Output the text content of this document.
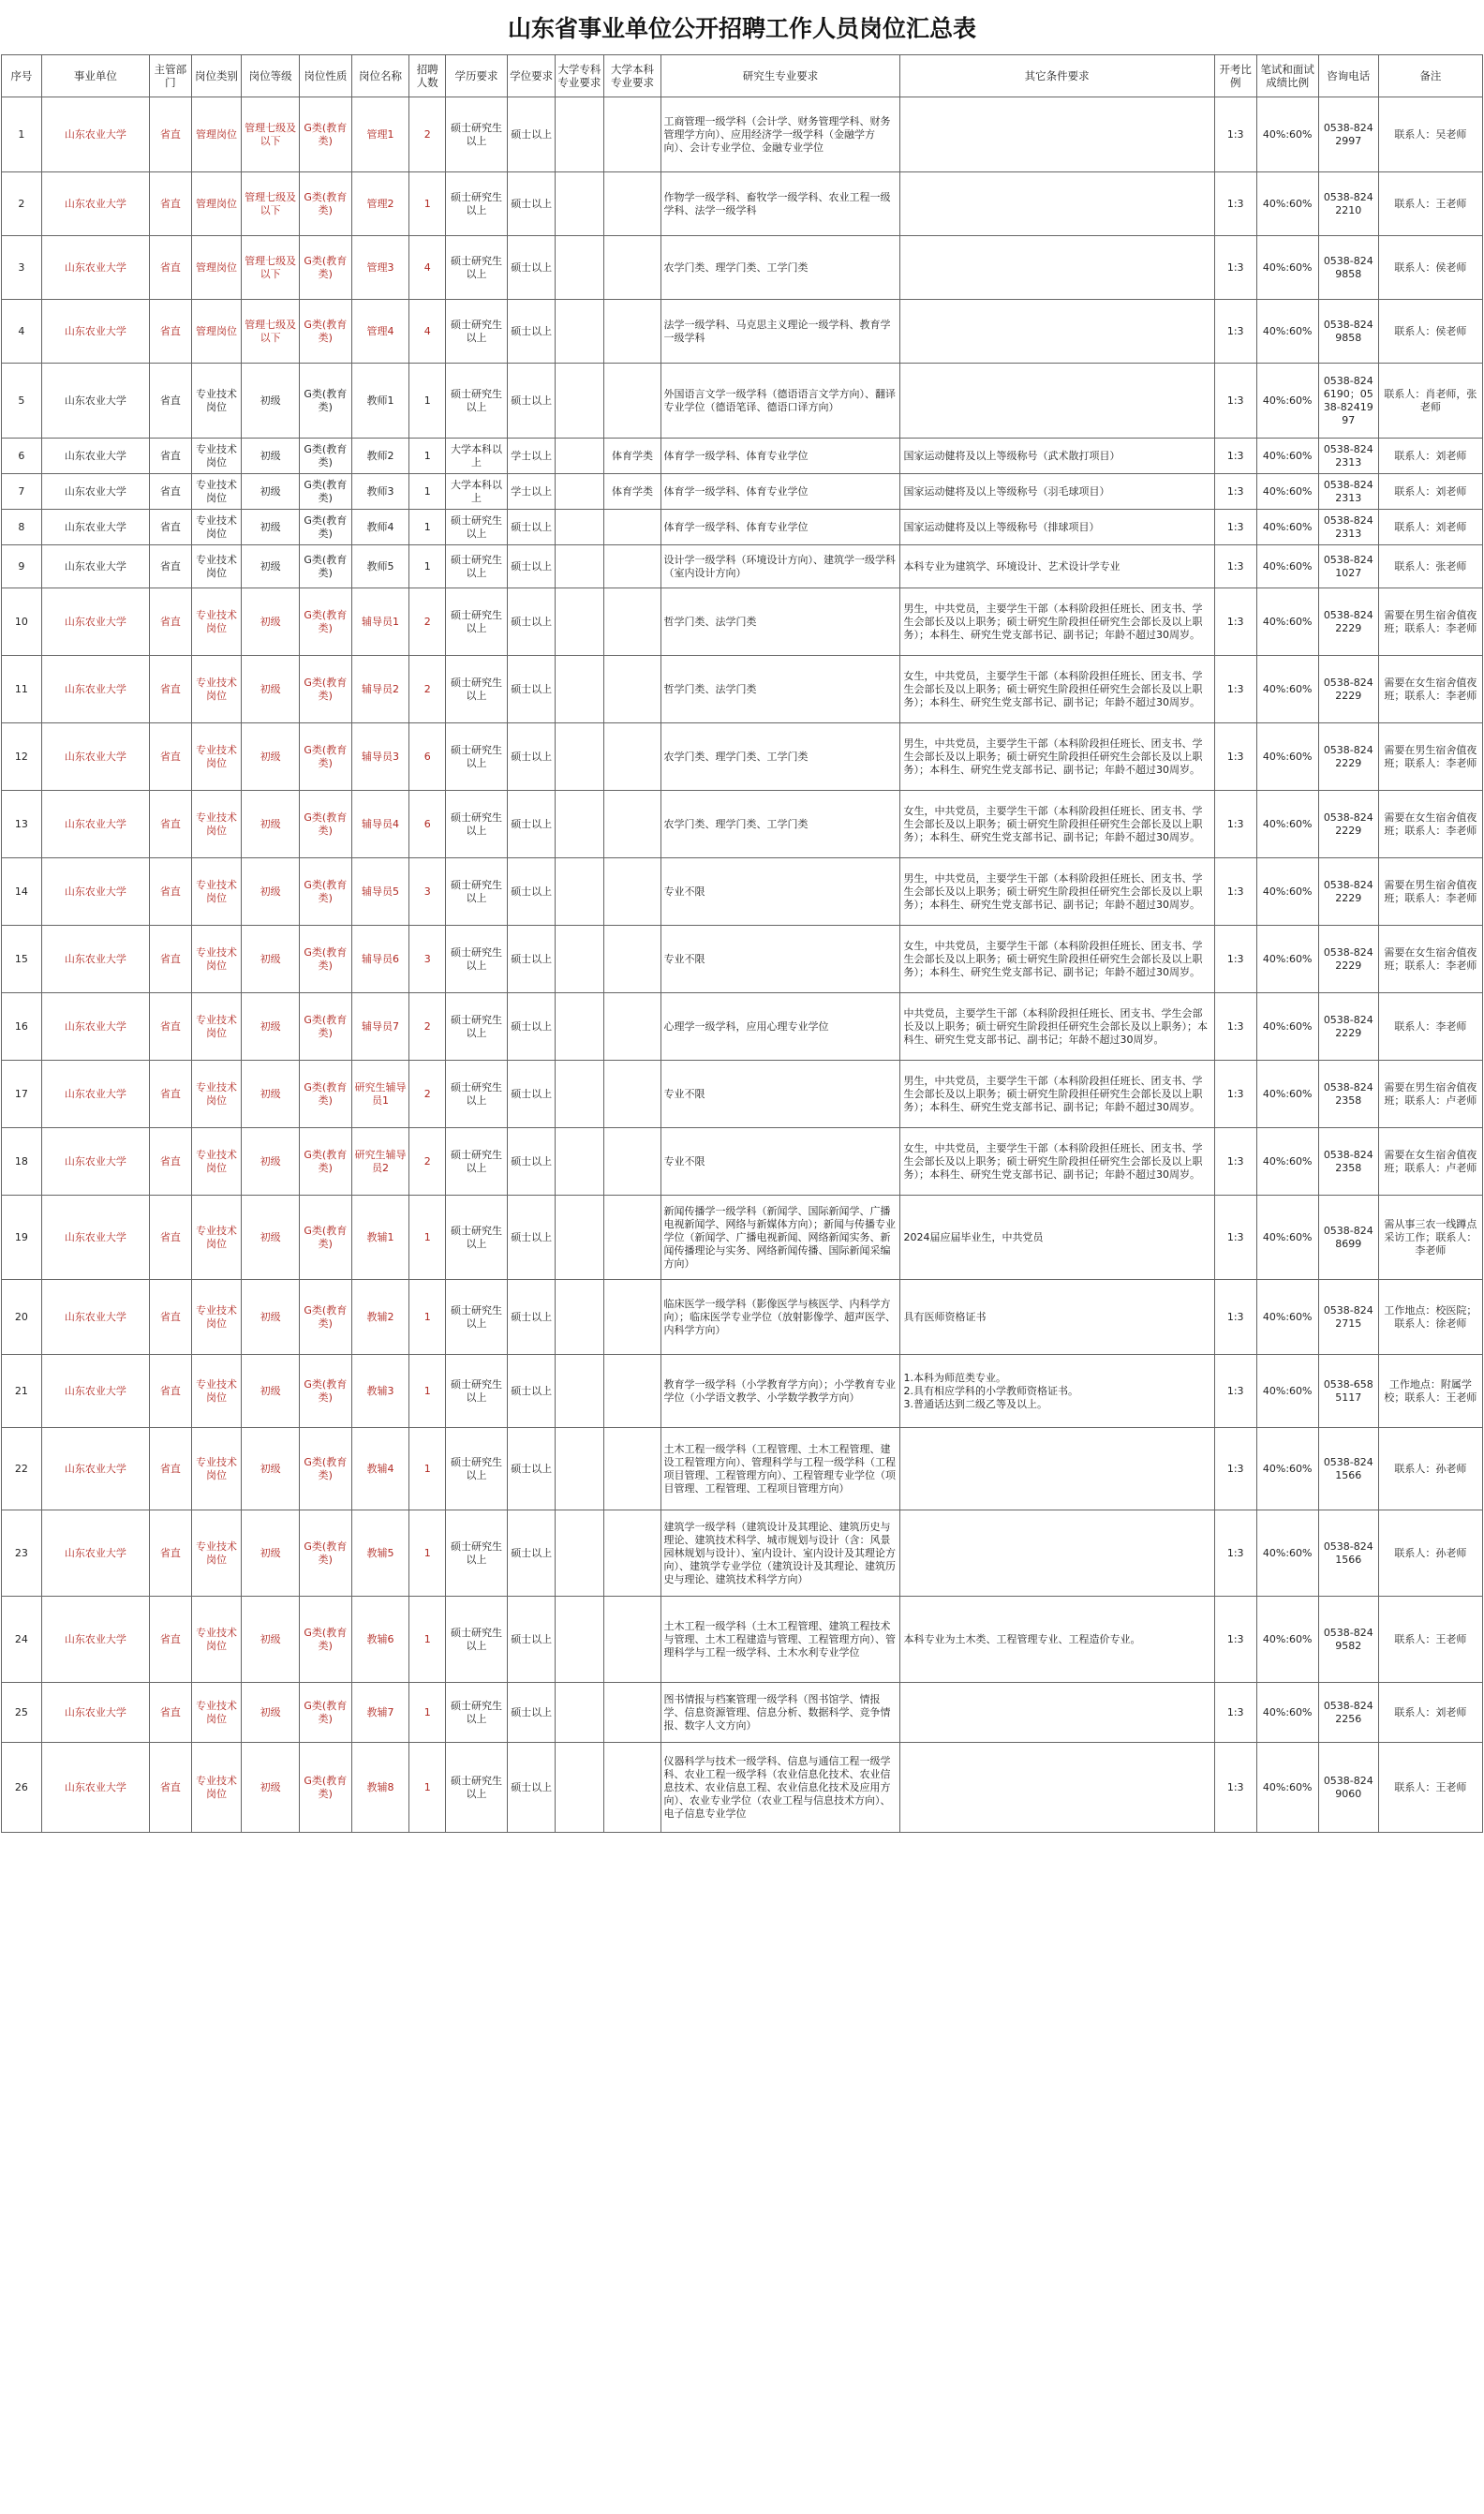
山东省事业单位公开招聘工作人员岗位汇总表
序号	事业单位	主管部门	岗位类别	岗位等级	岗位性质	岗位名称	招聘人数	学历要求	学位要求	大学专科专业要求	大学本科专业要求	研究生专业要求	其它条件要求	开考比例	笔试和面试成绩比例	咨询电话	备注
1	山东农业大学	省直	管理岗位	管理七级及以下	G类(教育类)	管理1	2	硕士研究生以上	硕士以上			工商管理一级学科（会计学、财务管理学科、财务管理学方向）、应用经济学一级学科（金融学方向）、会计专业学位、金融专业学位		1:3	40%:60%	0538-8242997	联系人：吴老师
2	山东农业大学	省直	管理岗位	管理七级及以下	G类(教育类)	管理2	1	硕士研究生以上	硕士以上			作物学一级学科、畜牧学一级学科、农业工程一级学科、法学一级学科		1:3	40%:60%	0538-8242210	联系人：王老师
3	山东农业大学	省直	管理岗位	管理七级及以下	G类(教育类)	管理3	4	硕士研究生以上	硕士以上			农学门类、理学门类、工学门类		1:3	40%:60%	0538-8249858	联系人：侯老师
4	山东农业大学	省直	管理岗位	管理七级及以下	G类(教育类)	管理4	4	硕士研究生以上	硕士以上			法学一级学科、马克思主义理论一级学科、教育学一级学科		1:3	40%:60%	0538-8249858	联系人：侯老师
5	山东农业大学	省直	专业技术岗位	初级	G类(教育类)	教师1	1	硕士研究生以上	硕士以上			外国语言文学一级学科（德语语言文学方向）、翻译专业学位（德语笔译、德语口译方向）		1:3	40%:60%	0538-8246190；0538-8241997	联系人：肖老师，张老师
6	山东农业大学	省直	专业技术岗位	初级	G类(教育类)	教师2	1	大学本科以上	学士以上		体育学类	体育学一级学科、体育专业学位	国家运动健将及以上等级称号（武术散打项目）	1:3	40%:60%	0538-8242313	联系人：刘老师
7	山东农业大学	省直	专业技术岗位	初级	G类(教育类)	教师3	1	大学本科以上	学士以上		体育学类	体育学一级学科、体育专业学位	国家运动健将及以上等级称号（羽毛球项目）	1:3	40%:60%	0538-8242313	联系人：刘老师
8	山东农业大学	省直	专业技术岗位	初级	G类(教育类)	教师4	1	硕士研究生以上	硕士以上			体育学一级学科、体育专业学位	国家运动健将及以上等级称号（排球项目）	1:3	40%:60%	0538-8242313	联系人：刘老师
9	山东农业大学	省直	专业技术岗位	初级	G类(教育类)	教师5	1	硕士研究生以上	硕士以上			设计学一级学科（环境设计方向）、建筑学一级学科（室内设计方向）	本科专业为建筑学、环境设计、艺术设计学专业	1:3	40%:60%	0538-8241027	联系人：张老师
10	山东农业大学	省直	专业技术岗位	初级	G类(教育类)	辅导员1	2	硕士研究生以上	硕士以上			哲学门类、法学门类	男生，中共党员，主要学生干部（本科阶段担任班长、团支书、学生会部长及以上职务；硕士研究生阶段担任研究生会部长及以上职务）；本科生、研究生党支部书记、副书记；年龄不超过30周岁。	1:3	40%:60%	0538-8242229	需要在男生宿舍值夜班；联系人：李老师
11	山东农业大学	省直	专业技术岗位	初级	G类(教育类)	辅导员2	2	硕士研究生以上	硕士以上			哲学门类、法学门类	女生，中共党员，主要学生干部（本科阶段担任班长、团支书、学生会部长及以上职务；硕士研究生阶段担任研究生会部长及以上职务）；本科生、研究生党支部书记、副书记；年龄不超过30周岁。	1:3	40%:60%	0538-8242229	需要在女生宿舍值夜班；联系人：李老师
12	山东农业大学	省直	专业技术岗位	初级	G类(教育类)	辅导员3	6	硕士研究生以上	硕士以上			农学门类、理学门类、工学门类	男生，中共党员，主要学生干部（本科阶段担任班长、团支书、学生会部长及以上职务；硕士研究生阶段担任研究生会部长及以上职务）；本科生、研究生党支部书记、副书记；年龄不超过30周岁。	1:3	40%:60%	0538-8242229	需要在男生宿舍值夜班；联系人：李老师
13	山东农业大学	省直	专业技术岗位	初级	G类(教育类)	辅导员4	6	硕士研究生以上	硕士以上			农学门类、理学门类、工学门类	女生，中共党员，主要学生干部（本科阶段担任班长、团支书、学生会部长及以上职务；硕士研究生阶段担任研究生会部长及以上职务）；本科生、研究生党支部书记、副书记；年龄不超过30周岁。	1:3	40%:60%	0538-8242229	需要在女生宿舍值夜班；联系人：李老师
14	山东农业大学	省直	专业技术岗位	初级	G类(教育类)	辅导员5	3	硕士研究生以上	硕士以上			专业不限	男生，中共党员，主要学生干部（本科阶段担任班长、团支书、学生会部长及以上职务；硕士研究生阶段担任研究生会部长及以上职务）；本科生、研究生党支部书记、副书记；年龄不超过30周岁。	1:3	40%:60%	0538-8242229	需要在男生宿舍值夜班；联系人：李老师
15	山东农业大学	省直	专业技术岗位	初级	G类(教育类)	辅导员6	3	硕士研究生以上	硕士以上			专业不限	女生，中共党员，主要学生干部（本科阶段担任班长、团支书、学生会部长及以上职务；硕士研究生阶段担任研究生会部长及以上职务）；本科生、研究生党支部书记、副书记；年龄不超过30周岁。	1:3	40%:60%	0538-8242229	需要在女生宿舍值夜班；联系人：李老师
16	山东农业大学	省直	专业技术岗位	初级	G类(教育类)	辅导员7	2	硕士研究生以上	硕士以上			心理学一级学科，应用心理专业学位	中共党员，主要学生干部（本科阶段担任班长、团支书、学生会部长及以上职务；硕士研究生阶段担任研究生会部长及以上职务）；本科生、研究生党支部书记、副书记；年龄不超过30周岁。	1:3	40%:60%	0538-8242229	联系人：李老师
17	山东农业大学	省直	专业技术岗位	初级	G类(教育类)	研究生辅导员1	2	硕士研究生以上	硕士以上			专业不限	男生，中共党员，主要学生干部（本科阶段担任班长、团支书、学生会部长及以上职务；硕士研究生阶段担任研究生会部长及以上职务）；本科生、研究生党支部书记、副书记；年龄不超过30周岁。	1:3	40%:60%	0538-8242358	需要在男生宿舍值夜班；联系人：卢老师
18	山东农业大学	省直	专业技术岗位	初级	G类(教育类)	研究生辅导员2	2	硕士研究生以上	硕士以上			专业不限	女生，中共党员，主要学生干部（本科阶段担任班长、团支书、学生会部长及以上职务；硕士研究生阶段担任研究生会部长及以上职务）；本科生、研究生党支部书记、副书记；年龄不超过30周岁。	1:3	40%:60%	0538-8242358	需要在女生宿舍值夜班；联系人：卢老师
19	山东农业大学	省直	专业技术岗位	初级	G类(教育类)	教辅1	1	硕士研究生以上	硕士以上			新闻传播学一级学科（新闻学、国际新闻学、广播电视新闻学、网络与新媒体方向）；新闻与传播专业学位（新闻学、广播电视新闻、网络新闻实务、新闻传播理论与实务、网络新闻传播、国际新闻采编方向）	2024届应届毕业生，中共党员	1:3	40%:60%	0538-8248699	需从事三农一线蹲点采访工作；联系人：李老师
20	山东农业大学	省直	专业技术岗位	初级	G类(教育类)	教辅2	1	硕士研究生以上	硕士以上			临床医学一级学科（影像医学与核医学、内科学方向）；临床医学专业学位（放射影像学、超声医学、内科学方向）	具有医师资格证书	1:3	40%:60%	0538-8242715	工作地点：校医院；联系人：徐老师
21	山东农业大学	省直	专业技术岗位	初级	G类(教育类)	教辅3	1	硕士研究生以上	硕士以上			教育学一级学科（小学教育学方向）；小学教育专业学位（小学语文教学、小学数学教学方向）	1.本科为师范类专业。
2.具有相应学科的小学教师资格证书。
3.普通话达到二级乙等及以上。	1:3	40%:60%	0538-6585117	工作地点：附属学校；联系人：王老师
22	山东农业大学	省直	专业技术岗位	初级	G类(教育类)	教辅4	1	硕士研究生以上	硕士以上			土木工程一级学科（工程管理、土木工程管理、建设工程管理方向）、管理科学与工程一级学科（工程项目管理、工程管理方向）、工程管理专业学位（项目管理、工程管理、工程项目管理方向）		1:3	40%:60%	0538-8241566	联系人：孙老师
23	山东农业大学	省直	专业技术岗位	初级	G类(教育类)	教辅5	1	硕士研究生以上	硕士以上			建筑学一级学科（建筑设计及其理论、建筑历史与理论、建筑技术科学、城市规划与设计（含：风景园林规划与设计）、室内设计、室内设计及其理论方向）、建筑学专业学位（建筑设计及其理论、建筑历史与理论、建筑技术科学方向）		1:3	40%:60%	0538-8241566	联系人：孙老师
24	山东农业大学	省直	专业技术岗位	初级	G类(教育类)	教辅6	1	硕士研究生以上	硕士以上			土木工程一级学科（土木工程管理、建筑工程技术与管理、土木工程建造与管理、工程管理方向）、管理科学与工程一级学科、土木水利专业学位	本科专业为土木类、工程管理专业、工程造价专业。	1:3	40%:60%	0538-8249582	联系人：王老师
25	山东农业大学	省直	专业技术岗位	初级	G类(教育类)	教辅7	1	硕士研究生以上	硕士以上			图书情报与档案管理一级学科（图书馆学、情报学、信息资源管理、信息分析、数据科学、竞争情报、数字人文方向）		1:3	40%:60%	0538-8242256	联系人：刘老师
26	山东农业大学	省直	专业技术岗位	初级	G类(教育类)	教辅8	1	硕士研究生以上	硕士以上			仪器科学与技术一级学科、信息与通信工程一级学科、农业工程一级学科（农业信息化技术、农业信息技术、农业信息工程、农业信息化技术及应用方向）、农业专业学位（农业工程与信息技术方向）、电子信息专业学位		1:3	40%:60%	0538-8249060	联系人：王老师
